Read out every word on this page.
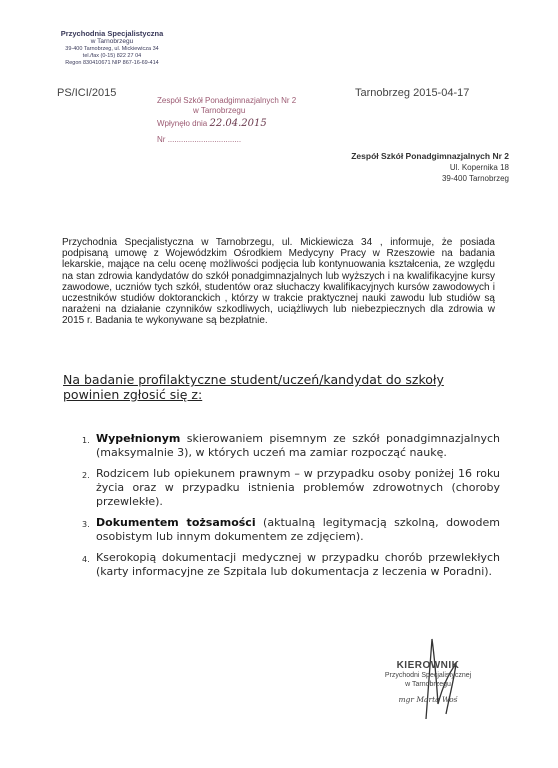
Przychodnia Specjalistyczna
w Tarnobrzegu
39-400 Tarnobrzeg, ul. Mickiewicza 34
tel./fax (0-15) 822 27 04
Regon 830410671 NIP 867-16-69-414
PS/ICI/2015	Tarnobrzeg 2015-04-17
Zespół Szkół Ponadgimnazjalnych Nr 2
w Tarnobrzegu
Wpłynęło dnia 22.04.2015
Nr .................................
Zespół Szkół Ponadgimnazjalnych Nr 2
Ul. Kopernika 18
39-400 Tarnobrzeg
Przychodnia Specjalistyczna w Tarnobrzegu, ul. Mickiewicza 34 , informuje, że posiada podpisaną umowę z Wojewódzkim Ośrodkiem Medycyny Pracy w Rzeszowie na badania lekarskie, mające na celu ocenę możliwości podjęcia lub kontynuowania kształcenia, ze względu na stan zdrowia kandydatów do szkół ponadgimnazjalnych lub wyższych i na kwalifikacyjne kursy zawodowe, uczniów tych szkół, studentów oraz słuchaczy kwalifikacyjnych kursów zawodowych i uczestników studiów doktoranckich , którzy w trakcie praktycznej nauki zawodu lub studiów są narażeni na działanie czynników szkodliwych, uciążliwych lub niebezpiecznych dla zdrowia w 2015 r. Badania te wykonywane są bezpłatnie.
Na badanie profilaktyczne student/uczeń/kandydat do szkoły powinien zgłosić się z:
1. Wypełnionym skierowaniem pisemnym ze szkół ponadgimnazjalnych (maksymalnie 3), w których uczeń ma zamiar rozpocząć naukę.
2. Rodzicem lub opiekunem prawnym – w przypadku osoby poniżej 16 roku życia oraz w przypadku istnienia problemów zdrowotnych (choroby przewlekłe).
3. Dokumentem tożsamości (aktualną legitymacją szkolną, dowodem osobistym lub innym dokumentem ze zdjęciem).
4. Kserokopią dokumentacji medycznej w przypadku chorób przewlekłych (karty informacyjne ze Szpitala lub dokumentacja z leczenia w Poradni).
KIEROWNIK
Przychodni Specjalistycznej
w Tarnobrzegu
mgr Marta Woś
